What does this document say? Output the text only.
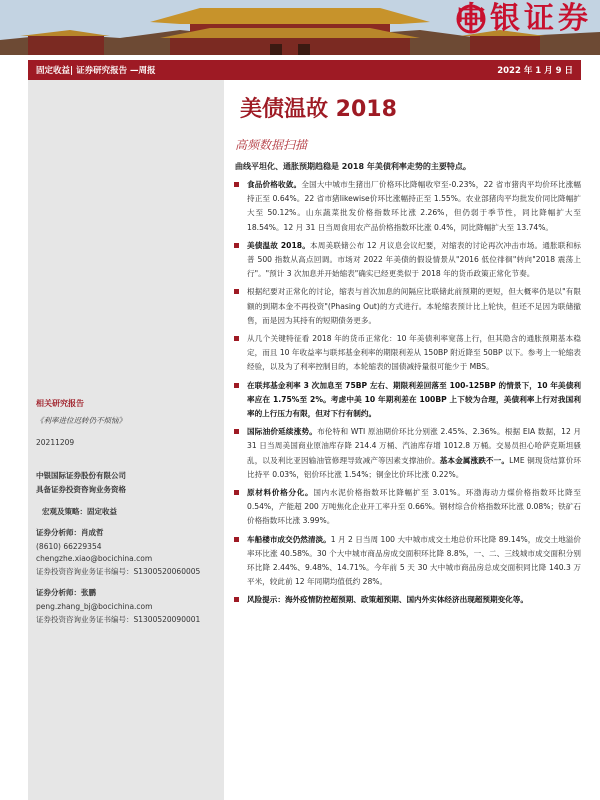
中银证券
固定收益| 证券研究报告 —周报	2022 年 1 月 9 日
相关研究报告
《利率进位迟转仍不烦恼》
20211209
中银国际证券股份有限公司
具备证券投资咨询业务资格
宏观及策略：固定收益
证券分析师：肖成哲
(8610) 66229354
chengzhe.xiao@bocichina.com
证券投资咨询业务证书编号：S1300520060005
证券分析师：张鹏
peng.zhang_bj@bocichina.com
证券投资咨询业务证书编号：S1300520090001
美债温故 2018
高频数据扫描
曲线平坦化、通胀预期趋稳是 2018 年美债利率走势的主要特点。
食品价格收敛。全国大中城市生猪出厂价格环比降幅收窄至-0.23%，22 省市猪肉平均价环比涨幅持正至 0.64%。22 省市猪likewise价环比涨幅持正至 1.55%。农业部猪肉平均批发价同比降幅扩大至 50.12%。山东蔬菜批发价格指数环比涨 2.26%，但仍弱于季节性，同比降幅扩大至 18.54%。12 月 31 日当周食用农产品价格指数环比涨 0.4%，同比降幅扩大至 13.74%。
美债温故 2018。本周美联储公布 12 月议息会议纪要，对缩表的讨论再次冲击市场。通胀联和标普 500 指数从高点回调。市场对 2022 年美债的假设情景从"2016 低位徘徊"转向"2018 震荡上行"。"预计 3 次加息并开始缩表"确实已经更类似于 2018 年的货币政策正常化节奏。
根据纪要对正常化的讨论，缩表与首次加息的间隔应比联储此前预期的更短，但大概率仍是以"有限额的到期本金不再投资"(Phasing Out)的方式进行。本轮缩表预计比上轮快，但还不足因为联储撤售，而是因为其持有的短期债务更多。
从几个关键特征看 2018 年的货币正常化：10 年美债利率宽荡上行，但其隐含的通胀预期基本稳定，而且 10 年收益率与联邦基金利率的期限利差从 150BP 附近降至 50BP 以下。参考上一轮缩表经验，以及为了利率控制目的，本轮缩表的国债减持量很可能少于 MBS。
在联邦基金利率 3 次加息至 75BP 左右、期限利差回落至 100-125BP 的情景下，10 年美债利率应在 1.75%至 2%。考虑中美 10 年期利差在 100BP 上下较为合理，美债利率上行对我国利率的上行压力有限，但对下行有制约。
国际油价延续涨势。布伦特和 WTI 原油期价环比分别涨 2.45%、2.36%。根据 EIA 数据，12 月 31 日当周美国商业原油库存降 214.4 万桶、汽油库存增 1012.8 万桶。交易员担心哈萨克斯坦骚乱，以及利比亚因输油管修理导致减产等因素支撑油价。基本金属涨跌不一。LME 铜现货结算价环比持平 0.03%，铝价环比涨 1.54%；铜金比价环比涨 0.22%。
原材料价格分化。国内水泥价格指数环比降幅扩至 3.01%。环渤海动力煤价格指数环比降至 0.54%，产能超 200 万吨焦化企业开工率升至 0.66%。钢材综合价格指数环比涨 0.08%；铁矿石价格指数环比涨 3.99%。
车船楼市成交仍然清淡。1 月 2 日当周 100 大中城市成交土地总价环比降 89.14%，成交土地溢价率环比涨 40.58%。30 个大中城市商品房成交面积环比降 8.8%，一、二、三线城市成交面积分别环比降 2.44%、9.48%、14.71%。今年前 5 天 30 大中城市商品房总成交面积同比降 140.3 万平米，较此前 12 年同期均值低约 28%。
风险提示：海外疫情防控超预期、政策超预期、国内外实体经济出现超预期变化等。
